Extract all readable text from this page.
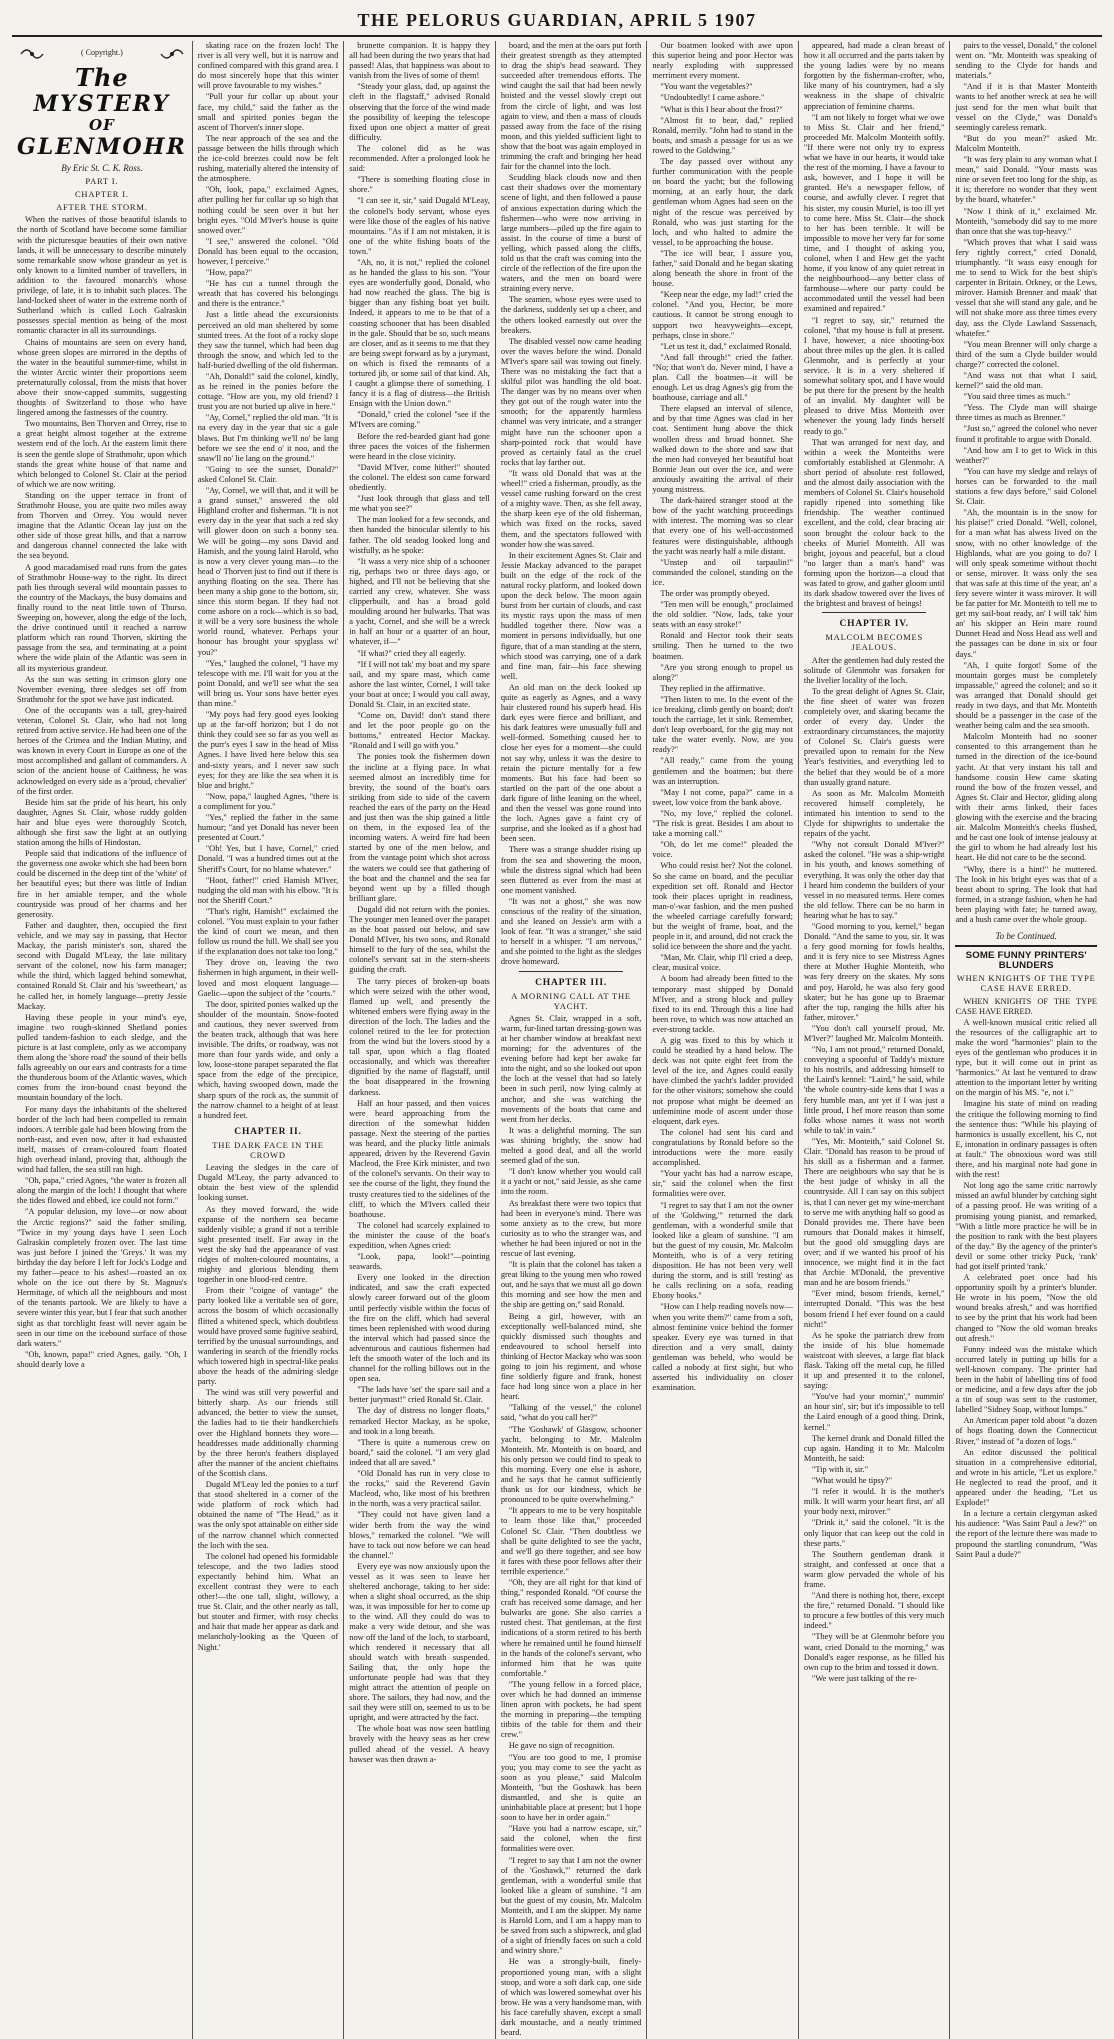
THE PELORUS GUARDIAN, APRIL 5 1907
( Copyright.)
The
MYSTERY
OF
GLENMOHR
By Eric St. C. K. Ross.
PART I.
CHAPTER I.
AFTER THE STORM.

When the natives of those beautiful islands to the north of Scotland have become some familiar with the picturesque beauties of their own native lands, it will be unnecessary to describe minutely some remarkable snow whose grandeur as yet is only known to a limited number of travellers, in addition to the favoured monarch's whose privilege, of late, it is to inhabit such places. The land-locked sheet of water in the extreme north of Sutherland which is called Loch Galraskin possesses special mention as being of the most romantic character in all its surroundings.

Chains of mountains are seen on every hand, whose green slopes are mirrored in the depths of the water in the beautiful summer-time, whilst in the winter Arctic winter their proportions seem preternaturally colossal, from the mists that hover above their snow-capped summits, suggesting thoughts of Switzerland to those who have lingered among the fastnesses of the country.

Two mountains, Ben Thorven and Orrey, rise to a great height almost together at the extreme western end of the loch. At the eastern limit there is seen the gentle slope of Strathmohr, upon which stands the great white house of that name and which belonged to Colonel St. Clair at the period of which we are now writing.

Standing on the upper terrace in front of Strathmohr House, you are quite two miles away from Thorven and Orrey. You would never imagine that the Atlantic Ocean lay just on the other side of those great hills, and that a narrow and dangerous channel connected the lake with the sea beyond.

A good macadamised road runs from the gates of Strathmohr House-way to the right. Its direct path lies through several wild mountain passes to the country of the Mackays, the busy domains and finally round to the neat little town of Thurso. Sweeping on, however, along the edge of the loch, the drive continued until it reached a narrow platform which ran round Thorven, skirting the passage from the sea, and terminating at a point where the wide plain of the Atlantic was seen in all its mysterious grandeur.

As the sun was setting in crimson glory one November evening, three sledges set off from Strathmohr for the spot we have just indicated.

One of the occupants was a tall, grey-haired veteran, Colonel St. Clair, who had not long retired from active service. He had been one of the heroes of the Crimea and the Indian Mutiny, and was known in every Court in Europe as one of the most accomplished and gallant of commanders. A scion of the ancient house of Caithness, he was acknowledged on every side as a 'proud, chevalier' of the first order.

Beside him sat the pride of his heart, his only daughter, Agnes St. Clair, whose ruddy golden hair and blue eyes were thoroughly Scotch, although she first saw the light at an outlying station among the hills of Hindostan.

People said that indications of the influence of the governess one awoke which she had been born could be discerned in the deep tint of the 'white' of her beautiful eyes; but there was little of Indian fire in her amiable temper, and the whole countryside was proud of her charms and her generosity.

Father and daughter, then, occupied the first vehicle, and we may say in passing, that Hector Mackay, the parish minister's son, shared the second with Dugald M'Leay, the late military servant of the colonel, now his farm manager; while the third, which lagged behind somewhat, contained Ronald St. Clair and his 'sweetheart,' as he called her, in homely language—pretty Jessie Mackay.

Having these people in your mind's eye, imagine two rough-skinned Shetland ponies pulled tandem-fashion to each sledge, and the picture is at last complete, only as we accompany them along the 'shore road' the sound of their bells falls agreeably on our ears and contrasts for a time the thunderous boom of the Atlantic waves, which comes from the iron-bound coast beyond the mountain boundary of the loch.

For many days the inhabitants of the sheltered border of the loch had been compelled to remain indoors. A terrible gale had been blowing from the north-east, and even now, after it had exhausted itself, masses of cream-coloured foam floated high overhead inland, proving that, although the wind had fallen, the sea still ran high.

"Oh, papa," cried Agnes, "the water is frozen all along the margin of the loch! I thought that where the tides flowed and ebbed, ice could not form."

"A popular delusion, my love—or now about the Arctic regions?" said the father smiling. "Twice in my young days have I seen Loch Galraskin completely frozen over. The last time was just before I joined the 'Greys.' It was my birthday the day before I left for Jock's Lodge and my father—peace to his ashes!—roasted an ox whole on the ice out there by St. Magnus's Hermitage, of which all the neighbours and most of the tenants partook. We are likely to have a severe winter this year, but I fear that such another sight as that torchlight feast will never again be seen in our time on the icebound surface of those dark waters."

"Oh, known, papa!" cried Agnes, gaily. "Oh, I should dearly love a

skating race on the frozen loch! The river is all very well, but it is narrow and confined compared with this grand area. I do most sincerely hope that this winter will prove favourable to my wishes."

"Pull your fur collar up about your face, my child," said the father as the small and spirited ponies began the ascent of Thorven's inner slope.

The near approach of the sea and the passage between the hills through which the ice-cold breezes could now be felt rushing, materially altered the intensity of the atmosphere.

"Oh, look, papa," exclaimed Agnes, after pulling her fur collar up so high that nothing could be seen over it but her bright eyes. "Old M'Iver's house is quite snowed over."

"I see," answered the colonel. "Old Donald has been equal to the occasion, however, I perceive."

"How, papa?"

"He has cut a tunnel through the wreath that has covered his belongings and there is the entrance."

Just a little ahead the excursionists perceived an old man sheltered by some stunted trees. At the foot of a rocky slope they saw the tunnel, which had been dug through the snow, and which led to the half-buried dwelling of the old fisherman.

"Ah, Donald!" said the colonel, kindly, as he reined in the ponies before the cottage. "How are you, my old friend? I trust you are not buried up alive in here."

"Ay, Cornel," replied the old man. "It is na every day in the year that sic a gale blaws. But I'm thinking we'll no' be lang before we see the end o' it noo, and the snaw'll no' lie lang on the ground."

"Going to see the sunset, Donald?" asked Colonel St. Clair.

"Ay, Cornel, we will that, and it will be a grand sunset," answered the old Highland crofter and fisherman. "It is not every day in the year that such a red sky will glower doon on such a bonny sea. We will be going—my sons David and Hamish, and the young laird Harold, who is now a very clever young man—to the head o' Thorven just to find out if there is anything floating on the sea. There has been many a ship gone to the bottom, sir, since this storm began. If they had not come ashore on a rock—which is so bad, it will be a very sore business the whole world round, whatever. Perhaps your honour has brought your spyglass wi' you?"

"Yes," laughed the colonel, "I have my telescope with me. I'll wait for you at the point Donald, and we'll see what the sea will bring us. Your sons have better eyes than mine."

"My poys had fery good eyes looking up at the far-off horizon; but I do not think they could see so far as you well as the purr's eyes I saw in the head of Miss Agnes. I have lived here below this sea and-sixty years, and I never saw such eyes; for they are like the sea when it is blue and bright."

"Now, papa," laughed Agnes, "there is a compliment for you."

"Yes," replied the father in the same humour; "and yet Donald has never been presented at Court."

"Oh! Yes, but I have, Cornel," cried Donald. "I was a hundred times out at the Sheriff's Court, for no blame whatever."

"Hoot, father!" cried Hamish M'Iver, nudging the old man with his elbow. "It is not the Sheriff Court."

"That's right, Hamish!" exclaimed the colonel. "You must explain to your father the kind of court we mean, and then follow us round the hill. We shall see you if the explanation does not take too long."

They drove on, leaving the two fishermen in high argument, in their well-loved and most eloquent language—Gaelic—upon the subject of the "courts."

The door, spirited ponies walked up the shoulder of the mountain. Snow-footed and cautious, they never swerved from the beaten track, although that was here invisible. The drifts, or roadway, was not more than four yards wide, and only a low, loose-stone parapet separated the flat space from the edge of the precipice, which, having swooped down, made the sharp spurs of the rock as, the summit of the narrow channel to a height of at least a hundred feet.

CHAPTER II.
THE DARK FACE IN THE CROWD

Leaving the sledges in the care of Dugald M'Leay, the party advanced to obtain the best view of the splendid looking sunset.

As they moved forward, the wide expanse of the northern sea became suddenly visible; a grand if not a terrible sight presented itself. Far away in the west the sky had the appearance of vast ridges of molten-coloured mountains, a mighty and glorious blending them together in one blood-red centre.

From their "coigne of vantage" the party looked like a veritable sea of gore, across the bosom of which occasionally flitted a whitened speck, which doubtless would have proved some fugitive seabird, terrified by the unusual surroundings, and wandering in search of the friendly rocks which towered high in spectral-like peaks above the heads of the admiring sledge party.

The wind was still very powerful and bitterly sharp. As our friends still advanced, the better to view the sunset, the ladies had to tie their handkerchiefs over the Highland bonnets they wore—headdresses made additionally charming by the three heron's feathers displayed after the manner of the ancient chieftains of the Scottish clans.

Dugald M'Leay led the ponies to a turf that stood sheltered in a corner of the wide platform of rock which had obtained the name of "The Head," as it was the only spot attainable on either side of the narrow channel which connected the loch with the sea.

The colonel had opened his formidable telescope, and the two ladies stood expectantly behind him. What an excellent contrast they were to each other!—the one tall, slight, willowy, a true St. Clair, and the other nearly as tall, but stouter and firmer, with rosy checks and hair that made her appear as dark and melancholy-looking as the 'Queen of Night.'

brunette companion. It is happy they all had been during the two years that had passed! Alas, that happiness was about to vanish from the lives of some of them!

"Steady your glass, dad, up against the cleft in the flagstaff," advised Ronald observing that the force of the wind made the possibility of keeping the telescope fixed upon one object a matter of great difficulty.

The colonel did as he was recommended. After a prolonged look he said:

"There is something floating close in shore."

"I can see it, sir," said Dugald M'Leay, the colonel's body servant, whose eyes were like those of the eagles of his native mountains. "As if I am not mistaken, it is one of the white fishing boats of the town."

"Ah, no, it is not," replied the colonel as he handed the glass to his son. "Your eyes are wonderfully good, Donald, who had now reached the glass. The big is bigger than any fishing boat yet built. Indeed, it appears to me to be that of a coasting schooner that has been disabled in the gale. Should that be so, such means are closer, and as it seems to me that they are being swept forward as by a jurymast, on which is fixed the remnants of a tortured jib, or some sail of that kind. Ah, I caught a glimpse there of something. I fancy it is a flag of distress—the British Ensign with the Union down."

"Donald," cried the colonel "see if the M'Ivers are coming."

Before the red-bearded giant had gone three paces the voices of the fishermen were heard in the close vicinity.

"David M'Iver, come hither!" shouted the colonel. The eldest son came forward obediently.

"Just look through that glass and tell me what you see?"

The man looked for a few seconds, and then handed the binocular silently to his father. The old seadog looked long and wistfully, as he spoke:

"It wass a very nice ship of a schooner rig, perhaps two or three days ago, or highed, and I'll not be believing that she carried any crew, whatever. She wass clipperbuilt, and has a broad gold moulding around her bulwarks. That was a yacht, Cornel, and she will be a wreck in half an hour or a quarter of an hour, whatever, if—"

"If what?" cried they all eagerly.

"If I will not tak' my boat and my spare sail, and my spare mast, which came ashore the last winter, Cornel, I will take your boat at once; I would you call away, Donald St. Clair, in an excited state.

"Come on, David! don't stand there and let the poor people go on the bottoms," entreated Hector Mackay. "Ronald and I will go with you."

The ponies took the fishermen down the incline at a flying pace. In what seemed almost an incredibly time for brevity, the sound of the boat's oars striking from side to side of the cavern reached the ears of the party on the Head and just then was the ship gained a little on them, in the exposed lea of the incoming waters. A weird fire had been started by one of the men below, and from the vantage point which shot across the waters we could see that gathering of the boat and the channel and the sea far beyond went up by a filled though brilliant glare.

Dugald did not return with the ponies. The younger men leaned over the parapet as the boat passed out below, and saw Donald M'Iver, his two sons, and Ronald himself to the fury of the sea, whilst the colonel's servant sat in the stern-sheets guiding the craft.

The tarry pieces of broken-up boats which were seized with the other wood, flamed up well, and presently the whitened embers were flying away in the direction of the loch. The ladies and the colonel retired to the lee for protection from the wind but the lovers stood by a tall spar, upon which a flag floated occasionally, and which was thereafter dignified by the name of flagstaff, until the boat disappeared in the frowning darkness.

Half an hour passed, and then voices were heard approaching from the direction of the somewhat hidden passage. Next the steering of the parties was heard, and the plucky little animals appeared, driven by the Reverend Gavin Macleod, the Free Kirk minister, and two of the colonel's servants. On their way to see the course of the light, they found the trusty creatures tied to the sidelines of the cliff, to which the M'Ivers called their boathouse.

The colonel had scarcely explained to the minister the cause of the boat's expedition, when Agnes cried:

"Look, papa, look!"—pointing seawards.

Every one looked in the direction indicated, and saw the craft expected slowly career forward out of the gloom until perfectly visible within the focus of the fire on the cliff, which had several times been replenished with wood during the interval which had passed since the adventurous and cautious fishermen had left the smooth water of the loch and its channel for the rolling billows out in the open sea.

"The lads have 'set' the spare sail and a better jurymast!" cried Ronald St. Clair.

The day of distress no longer floats," remarked Hector Mackay, as he spoke, and took in a long breath.

"There is quite a numerous crew on board," said the colonel. "I am very glad indeed that all are saved."

"Old Donald has run in very close to the rocks," said the Reverend Gavin Macleod, who, like most of his brethren in the north, was a very practical sailor.

"They could not have given land a wider berth from the way the wind blows," remarked the colonel. "We will have to tack out now before we can head the channel."

Every eye was now anxiously upon the vessel as it was seen to leave her sheltered anchorage, taking to her side: when a slight shoal occurred, as the ship was, it was impossible for her to come up to the wind. All they could do was to make a very wide detour, and she was now off the land of the loch, to starboard, which rendered it necessary that all should watch with breath suspended. Sailing that, the only hope the unfortunate people had was that they might attract the attention of people on shore. The sailors, they had now, and the sail they were still on, seemed to us to be upright, and were attracted by the fact.

The whole boat was now seen battling bravely with the heavy seas as her crew pulled ahead of the vessel. A heavy hawser was then drawn a-

board, and the men at the oars put forth their greatest strength as they attempted to drag the ship's head seaward. They succeeded after tremendous efforts. The wind caught the sail that had been newly hoisted and the vessel slowly crept out from the circle of light, and was lost again to view, and then a mass of clouds passed away from the face of the rising moon, and this yielded sufficient light to show that the boat was again employed in trimming the craft and bringing her head fair for the channel into the loch.

Scudding black clouds now and then cast their shadows over the momentary scene of light, and then followed a pause of anxious expectation during which the fishermen—who were now arriving in large numbers—piled up the fire again to assist. In the course of time a burst of yelling, which passed along the cliffs, told us that the craft was coming into the circle of the reflection of the fire upon the waters, and the men on board were straining every nerve.

The seamen, whose eyes were used to the darkness, suddenly set up a cheer, and the others looked earnestly out over the breakers.

The disabled vessel now came heading over the waves before the wind. Donald M'Iver's spare sail was towing out finely. There was no mistaking the fact that a skilful pilot was handling the old boat. The danger was by no means over when they got out of the rough water into the smooth; for the apparently harmless channel was very intricate, and a stranger might have run the schooner upon a sharp-pointed rock that would have proved as certainly fatal as the cruel rocks that lay farther out.

"It wass old Donald that was at the wheel!" cried a fisherman, proudly, as the vessel came rushing forward on the crest of a mighty wave. Then, as she fell away, the sharp keen eye of the old fisherman, which was fixed on the rocks, saved them, and the spectators followed with wonder how she was saved.

In their excitement Agnes St. Clair and Jessie Mackay advanced to the parapet built on the edge of the rock of the natural rocky platform, and looked down upon the deck below. The moon again burst from her curtain of clouds, and cast its mystic rays upon the mass of men huddled together there. Now was a moment in persons individually, but one figure, that of a man standing at the stern, which stood was carrying, one of a dark and fine man, fair—his face shewing well.

An old man on the deck looked up quite as eagerly as Agnes, and a wavy hair clustered round his superb head. His dark eyes were fierce and brilliant, and his dark features were unusually full and well-formed. Something caused her to close her eyes for a moment—she could not say why, unless it was the desire to retain the picture mentally for a few moments. But his face had been so startled on the part of the one about a dark figure of lithe leaning on the wheel, and then the vessel was gone round into the loch. Agnes gave a faint cry of surprise, and she looked as if a ghost had been seen.

There was a strange shudder rising up from the sea and showering the moon, while the distress signal which had been seen fluttered as ever from the mast at one moment vanished.

"It was not a ghost," she was now conscious of the reality of the situation, and she leaned on Jessie's arm with a look of fear. "It was a stranger," she said to herself in a whisper. "I am nervous," and she pointed to the light as the sledges drove homeward.

CHAPTER III.
A MORNING CALL AT THE YACHT.

Agnes St. Clair, wrapped in a soft, warm, fur-lined tartan dressing-gown was at her chamber window at breakfast next morning; for the adventures of the evening before had kept her awake far into the night, and so she looked out upon the loch at the vessel that had so lately been in such peril, now lying calmly at anchor, and she was watching the movements of the boats that came and went from her decks.

It was a delightful morning. The sun was shining brightly, the snow had melted a good deal, and all the world seemed glad of the sun.

"I don't know whether you would call it a yacht or not," said Jessie, as she came into the room.

As breakfast there were two topics that had been in everyone's mind. There was some anxiety as to the crew, but more curiosity as to who the stranger was, and whether he had been injured or not in the rescue of last evening.

"It is plain that the colonel has taken a great liking to the young men who rowed out, and he says that we must all go down this morning and see how the men and the ship are getting on," said Ronald.

Being a girl, however, with an exceptionally well-balanced mind, she quickly dismissed such thoughts and endeavoured to school herself into thinking of Hector Mackay who was soon going to join his regiment, and whose fine soldierly figure and frank, honest face had long since won a place in her heart.

"Talking of the vessel," the colonel said, "what do you call her?"

"The 'Goshawk' of Glasgow, schooner yacht, belonging to Mr. Malcolm Monteith. Mr. Monteith is on board, and his only person we could find to speak to this morning. Every one else is ashore, and he says that he cannot sufficiently thank us for our kindness, which he pronounced to be quite overwhelming."

"It appears to me to be very hospitable to learn those like that," proceeded Colonel St. Clair. "Then doubtless we shall be quite delighted to see the yacht, and we'll go there together, and see how it fares with these poor fellows after their terrible experience."

"Oh, they are all right for that kind of thing," responded Ronald. "Of course the craft has received some damage, and her bulwarks are gone. She also carries a rusted chest. That gentleman, at the first indications of a storm retired to his berth where he remained until he found himself in the hands of the colonel's servant, who informed him that he was quite comfortable."

"The young fellow in a forced place, over which he had donned an immense linen apron with pockets, he had spent the morning in preparing—the tempting titbits of the table for them and their crew."

He gave no sign of recognition.

"You are too good to me, I promise you; you may come to see the yacht as soon as you please," said Malcolm Monteith, "but the Goshawk has been dismantled, and she is quite an uninhabitable place at present; but I hope soon to have her in order again."

"Have you had a narrow escape, sir," said the colonel, when the first formalities were over.

"I regret to say that I am not the owner of the 'Goshawk,'" returned the dark gentleman, with a wonderful smile that looked like a gleam of sunshine. "I am but the guest of my cousin, Mr. Malcolm Monteith, and I am the skipper. My name is Harold Lorn, and I am a happy man to be saved from such a shipwreck, and glad of a sight of friendly faces on such a cold and wintry shore."

He was a strongly-built, finely-proportioned young man, with a slight stoop, and wore a soft dark cap, one side of which was lowered somewhat over his brow. He was a very handsome man, with his face carefully shaven, except a small dark moustache, and a neatly trimmed beard.

Our boatmen looked with awe upon this superior being and poor Hector was nearly exploding with suppressed merriment every moment.

"You want the vegetables?"

"Undoubtedly! I came ashore."

"What is this I hear about the frost?"

"Almost fit to bear, dad," replied Ronald, merrily. "John had to stand in the boats, and smash a passage for us as we rowed to the Goldwing."

The day passed over without any further communication with the people on board the yacht; but the following morning, at an early hour, the dark gentleman whom Agnes had seen on the night of the rescue was perceived by Ronald, who was just starting for the loch, and who halted to admire the vessel, to be approaching the house.

"The ice will bear, I assure you, father," said Donald and he began skating along beneath the shore in front of the house.

"Keep near the edge, my lad!" cried the colonel. "And you, Hector, be more cautious. It cannot be strong enough to support two heavyweights—except, perhaps, close in shore."

"Let us test it, dad," exclaimed Ronald.

"And fall through!" cried the father. "No; that won't do. Never mind, I have a plan. Call the boatmen—it will be enough. Let us drag Agnes's gig from the boathouse, carriage and all."

There elapsed an interval of silence, and by that time Agnes was clad in her coat. Sentiment hung above the thick woollen dress and broad bonnet. She walked down to the shore and saw that the men had conveyed her beautiful boat Bonnie Jean out over the ice, and were anxiously awaiting the arrival of their young mistress.

The dark-haired stranger stood at the bow of the yacht watching proceedings with interest. The morning was so clear that every one of his well-accustomed features were distinguishable, although the yacht was nearly half a mile distant.

"Unstep and oil tarpaulin!" commanded the colonel, standing on the ice.

The order was promptly obeyed.

"Ten men will be enough," proclaimed the old soldier. "Now, lads, take your seats with an easy stroke!"

Ronald and Hector took their seats smiling. Then he turned to the two boatmen.

"Are you strong enough to propel us along?"

They replied in the affirmative.

"Then listen to me. In the event of the ice breaking, climb gently on board; don't touch the carriage, let it sink. Remember, don't leap overboard, for the gig may not take the water evenly. Now, are you ready?"

"All ready," came from the young gentlemen and the boatmen; but there was an interruption.

"May I not come, papa?" came in a sweet, low voice from the bank above.

"No, my love," replied the colonel. "The risk is great. Besides I am about to take a morning call."

"Oh, do let me come!" pleaded the voice.

Who could resist her? Not the colonel. So she came on board, and the peculiar expedition set off. Ronald and Hector took their places upright in readiness, man-o'-war fashion, and the men pushed the wheeled carriage carefully forward; but the weight of frame, boat, and the people in it, and around, did not crack the solid ice between the shore and the yacht.

"Man, Mr. Clair, whip I'll cried a deep, clear, musical voice.

A boom had already been fitted to the temporary mast shipped by Donald M'Iver, and a strong block and pulley fixed to its end. Through this a line had been rove, to which was now attached an ever-strong tackle.

A gig was fixed to this by which it could be steadied by a hand below. The deck was not quite eight feet from the level of the ice, and Agnes could easily have climbed the yacht's ladder provided for the other visitors; somehow she could not propose what might be deemed an unfeminine mode of ascent under those eloquent, dark eyes.

The colonel had sent his card and congratulations by Ronald before so the introductions were the more easily accomplished.

"Your yacht has had a narrow escape, sir," said the colonel when the first formalities were over.

"I regret to say that I am not the owner of the 'Goldwing,'" returned the dark gentleman, with a wonderful smile that looked like a gleam of sunshine. "I am but the guest of my cousin, Mr. Malcolm Monteith, who is of a very retiring disposition. He has not been very well during the storm, and is still 'resting' as he calls reclining on a sofa, reading Ebony books."

"How can I help reading novels now—when you write them?" came from a soft, almost feminine voice behind the former speaker. Every eye was turned in that direction and a very small, dainty gentleman was beheld, who would be called a nobody at first sight, but who asserted his individuality on closer examination.

appeared, had made a clean breast of how it all occurred and the parts taken by the young ladies were by no means forgotten by the fisherman-crofter, who, like many of his countrymen, had a sly weakness in the shape of chivalric appreciation of feminine charms.

"I am not likely to forget what we owe to Miss St. Clair and her friend," proceeded Mr. Malcolm Monteith softly. "If there were not only try to express what we have in our hearts, it would take the rest of the morning. I have a favour to ask, however, and I hope it will be granted. He's a newspaper fellow, of course, and awfully clever. I regret that his sister, my cousin Muriel, is too ill yet to come here. Miss St. Clair—the shock to her has been terrible. It will be impossible to move her very far for some time, and I thought of asking you, colonel, when I and Hew get the yacht home, if you know of any quiet retreat in the neighbourhood—any better class of farmhouse—where our party could be accommodated until the vessel had been examined and repaired."

"I regret to say, sir," returned the colonel, "that my house is full at present. I have, however, a nice shooting-box about three miles up the glen. It is called Glenmohr, and is perfectly at your service. It is in a very sheltered if somewhat solitary spot, and I have would be put there for the present by the health of an invalid. My daughter will be pleased to drive Miss Monteith over whenever the young lady finds herself ready to go."

That was arranged for next day, and within a week the Monteiths were comfortably established at Glenmohr. A short period of absolute rest followed, and the almost daily association with the members of Colonel St. Clair's household rapidly ripened into something like friendship. The weather continued excellent, and the cold, clear bracing air soon brought the colour back to the cheeks of Muriel Monteith. All was bright, joyous and peaceful, but a cloud "no larger than a man's hand" was forming upon the horizon—a cloud that was fated to grow, and gather gloom until its dark shadow towered over the lives of the brightest and bravest of beings!

CHAPTER IV.
MALCOLM BECOMES JEALOUS.

After the gentlemen had duly rested the solitude of Glenmohr was forsaken for the livelier locality of the loch.

To the great delight of Agnes St. Clair, the fine sheet of water was frozen completely over, and skating became the order of every day. Under the extraordinary circumstances, the majority of Colonel St. Clair's guests were prevailed upon to remain for the New Year's festivities, and everything led to the belief that they would be of a more than usually grand nature.

As soon as Mr. Malcolm Monteith recovered himself completely, he intimated his intention to send to the Clyde for shipwrights to undertake the repairs of the yacht.

"Why not consult Donald M'Iver?" asked the colonel. "He was a ship-wright in his youth, and knows something of everything. It was only the other day that I heard him condemn the builders of your vessel in no measured terms. Here comes the old fellow. There can be no harm in hearing what he has to say."

"Good morning to you, kernel," began Donald. "And the same to you, sir. It was a fery good morning for fowls healths, and it is fery nice to see Mistress Agnes there at Mother Hughie Monteith, who was fery dreery on the skates. My sons and poy, Harold, he was also fery good skater; but he has gone up to Braemar after the tup, ranging the hills after his father, mirover."

"You don't call yourself proud, Mr. M'Iver?" laughed Mr. Malcolm Monteith.

"No, I am not proud," returned Donald, conveying a spoonful of Taddy's mixture to his nostrils, and addressing himself to the Laird's kennel: "Laird," he said, while 'the whole country-side kens that I was a fery humble man, ant yet if I was just a little proud, I hef more reason than some folks whose names it wass not worth while to tak' in vain."

"Yes, Mr. Monteith," said Colonel St. Clair. "Donald has reason to be proud of his skill as a fisherman and a farmer. There are neighbours who say that he is the best judge of whisky in all the countryside. All I can say on this subject is, that I can never get my wine-merchant to serve me with anything half so good as Donald provides me. There have been rumours that Donald makes it himself, but the good old smuggling days are over; and if we wanted his proof of his innocence, we might find it in the fact that Archie M'Donald, the preventive man and he are bosom friends."

"Ever mind, bosom friends, kernel," interrupted Donald. "This was the best bosom friend I hef ever found on a cauld nicht!"

As he spoke the patriarch drew from the inside of his blue homemade waistcoat with sleeves, a large flat black flask. Taking off the metal cup, he filled it up and presented it to the colonel, saying:

"You've had your mornin'," nummin' an hour sin', sir; but it's impossible to tell the Laird enough of a good thing. Drink, kernel."

The kernel drank and Donald filled the cup again. Handing it to Mr. Malcolm Monteith, he said:

"Tip with it, sir."

"What would he tipsy?"

"I refer it would. It is the mother's milk. It will warm your heart first, an' all your body next, mirover."

"Drink it," said the colonel. "It is the only liquor that can keep out the cold in these parts."

The Southern gentleman drank it straight, and confessed at once that a warm glow pervaded the whole of his frame.

"And there is nothing hot, there, except the fire," returned Donald. "I should like to procure a few bottles of this very much indeed."

"They will be at Glenmohr before you want, cried Donald to the morning," was Donald's eager response, as he filled his own cup to the brim and tossed it down.

"We were just talking of the re-

pairs to the vessel, Donald," the colonel went on. "Mr. Monteith was speaking of sending to the Clyde for hands and materials."

"And if it is that Master Monteith wants to hef another wreck at sea he will just send for the men what built that vessel on the Clyde," was Donald's seemingly careless remark.

"But do you mean?" asked Mr. Malcolm Monteith.

"It was fery plain to any woman what I mean," said Donald. "Your masts was nine or seven feet too long for the ship, as it is; therefore no wonder that they went by the board, whatefer."

"Now I think of it," exclaimed Mr. Monteith, "somebody did say to me more than once that she was top-heavy."

"Which proves that what I said wass fery rightly correct," cried Donald, triumphantly. "It wass easy enough for me to send to Wick for the best ship's carpenter in Britain. Orkney, or the Lews, mirover. Hamish Brenner and maak' that vessel that she will stand any gale, and he will not shake more ass three times every day, ass the Clyde Lawland Sassenach, whatefer."

"You mean Brenner will only charge a third of the sum a Clyde builder would charge?" corrected the colonel.

"And wass not that what I said, kernel?" said the old man.

"You said three times as much."

"Yess. The Clyde man will shairge three times as much as Brenner."

"Just so," agreed the colonel who never found it profitable to argue with Donald.

"And how am I to get to Wick in this weather?"

"You can have my sledge and relays of horses can be forwarded to the mail stations a few days before," said Colonel St. Clair.

"Ah, the mountain is in the snow for his plaise!" cried Donald. "Well, colonel, for a man what has alwess lived on the snow, with no other knowledge of the Highlands, what are you going to do? I will only speak sometime without thocht or sense, mirover. It wass only the sea that was safe at this time of the year, an' a fery severe winter it wass mirover. It will be far patter for Mr. Monteith to tell me to get my sail-boat ready, an' I will tak' him an' his skipper an Hein mare round Dunnet Head and Noss Head ass well and the passages can be done in six or four days."

"Ah, I quite forgot! Some of the mountain gorges must be completely impassable," agreed the colonel; and so it was arranged that Donald should get ready in two days, and that Mr. Monteith should be a passenger in the case of the weather being calm and the sea smooth.

Malcolm Monteith had no sooner consented to this arrangement than he turned in the direction of the ice-bound yacht. At that very instant his tall and handsome cousin Hew came skating round the bow of the frozen vessel, and Agnes St. Clair and Hector, gliding along with their arms linked, their faces glowing with the exercise and the bracing air. Malcolm Monteith's cheeks flushed, and he cast one look of intense jealousy at the girl to whom he had already lost his heart. He did not care to be the second.

"Why, there is a hint!" he muttered. The look in his bright eyes was that of a beast about to spring. The look that had formed, in a strange fashion, when he had been playing with fate; he turned away, and a hush came over the whole group.

To be Continued.
SOME FUNNY PRINTERS' BLUNDERS
WHEN KNIGHTS OF THE TYPE CASE HAVE ERRED.

WHEN KNIGHTS OF THE TYPE CASE HAVE ERRED.

A well-known musical critic relied all the resources of the calligraphic art to make the word "harmonies" plain to the eyes of the gentleman who produces it in type, but it will come out in print as "harmonics." At last he ventured to draw attention to the important letter by writing on the margin of his MS. "e, not i."

Imagine his state of mind on reading the critique the following morning to find the sentence thus: "While his playing of harmonics is usually excellent, his C, not E, intonation in ordinary passages is often at fault." The obnoxious word was still there, and his marginal note had gone in with the rest!

Not long ago the same critic narrowly missed an awful blunder by catching sight of a passing proof. He was writing of a promising young pianist, and remarked, "With a little more practice he will be in the position to rank with the best players of the day." By the agency of the printer's devil or some other tricky Puck, 'rank' had got itself printed 'rank.'

A celebrated poet once had his opportunity spoilt by a printer's blunder. He wrote in his poem, "Now the old wound breaks afresh," and was horrified to see by the print that his work had been changed to "Now the old woman breaks out afresh."

Funny indeed was the mistake which occurred lately in putting up bills for a well-known company. The printer had been in the habit of labelling tins of food or medicine, and a few days after the job a tin of soup was sent to the customer, labelled "Sidney Soap, without lumps."

An American paper told about "a dozen of hogs floating down the Connecticut River," instead of "a dozen of logs."

An editor discussed the political situation in a comprehensive editorial, and wrote in his article, "Let us explore." He neglected to read the proof, and it appeared under the heading, "Let us Explode!"

In a lecture a certain clergyman asked his audience: "Was Saint Paul a Jew?" on the report of the lecture there was made to propound the startling conundrum, "Was Saint Paul a dude?"
